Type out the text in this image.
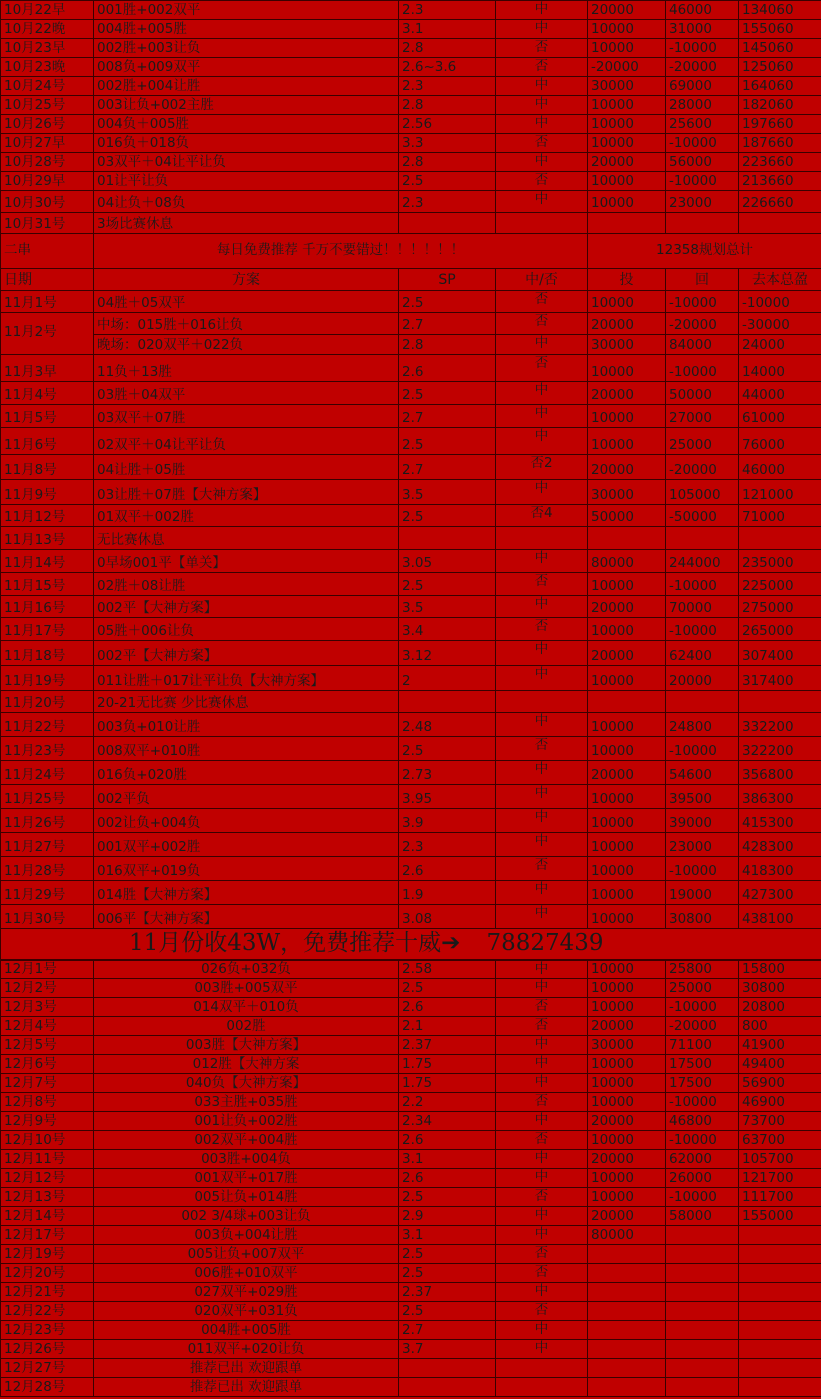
10月22早	001胜+002双平	2.3	中	20000	46000	134060
10月22晚	004胜+005胜	3.1	中	10000	31000	155060
10月23早	002胜+003让负	2.8	否	10000	-10000	145060
10月23晚	008负+009双平	2.6~3.6	否	-20000	-20000	125060
10月24号	002胜+004让胜	2.3	中	30000	69000	164060
10月25号	003让负+002主胜	2.8	中	10000	28000	182060
10月26号	004负＋005胜	2.56	中	10000	25600	197660
10月27早	016负＋018负	3.3	否	10000	-10000	187660
10月28号	03双平＋04让平让负	2.8	中	20000	56000	223660
10月29早	01让平让负	2.5	否	10000	-10000	213660
10月30号	04让负＋08负	2.3	中	10000	23000	226660
10月31号	3场比赛休息					
二串	每日免费推荐 千万不要错过！！！！！！			12358规划总计		
日期	方案	SP	中/否	投	回	去本总盈
11月1号	04胜＋05双平	2.5	否	10000	-10000	-10000
11月2号	中场：015胜＋016让负	2.7	否	20000	-20000	-30000
	晚场：020双平＋022负	2.8	中	30000	84000	24000
11月3早	11负＋13胜	2.6	否	10000	-10000	14000
11月4号	03胜＋04双平	2.5	中	20000	50000	44000
11月5号	03双平＋07胜	2.7	中	10000	27000	61000
11月6号	02双平＋04让平让负	2.5	中	10000	25000	76000
11月8号	04让胜＋05胜	2.7	否2	20000	-20000	46000
11月9号	03让胜＋07胜【大神方案】	3.5	中	30000	105000	121000
11月12号	01双平＋002胜	2.5	否4	50000	-50000	71000
11月13号	无比赛休息					
11月14号	0早场001平【单关】	3.05	中	80000	244000	235000
11月15号	02胜＋08让胜	2.5	否	10000	-10000	225000
11月16号	002平【大神方案】	3.5	中	20000	70000	275000
11月17号	05胜＋006让负	3.4	否	10000	-10000	265000
11月18号	002平【大神方案】	3.12	中	20000	62400	307400
11月19号	011让胜＋017让平让负【大神方案】	2	中	10000	20000	317400
11月20号	20-21无比赛 少比赛休息					
11月22号	003负+010让胜	2.48	中	10000	24800	332200
11月23号	008双平+010胜	2.5	否	10000	-10000	322200
11月24号	016负+020胜	2.73	中	20000	54600	356800
11月25号	002平负	3.95	中	10000	39500	386300
11月26号	002让负+004负	3.9	中	10000	39000	415300
11月27号	001双平+002胜	2.3	中	10000	23000	428300
11月28号	016双平+019负	2.6	否	10000	-10000	418300
11月29号	014胜【大神方案】	1.9	中	10000	19000	427300
11月30号	006平【大神方案】	3.08	中	10000	30800	438100
11月份收43W，免费推荐十威➔ 78827439						
12月1号	026负+032负	2.58	中	10000	25800	15800
12月2号	003胜+005双平	2.5	中	10000	25000	30800
12月3号	014双平＋010负	2.6	否	10000	-10000	20800
12月4号	002胜	2.1	否	20000	-20000	800
12月5号	003胜【大神方案】	2.37	中	30000	71100	41900
12月6号	012胜【大神方案	1.75	中	10000	17500	49400
12月7号	040负【大神方案】	1.75	中	10000	17500	56900
12月8号	033主胜+035胜	2.2	否	10000	-10000	46900
12月9号	001让负+002胜	2.34	中	20000	46800	73700
12月10号	002双平+004胜	2.6	否	10000	-10000	63700
12月11号	003胜+004负	3.1	中	20000	62000	105700
12月12号	001双平+017胜	2.6	中	10000	26000	121700
12月13号	005让负+014胜	2.5	否	10000	-10000	111700
12月14号	002 3/4球+003让负	2.9	中	20000	58000	155000
12月17号	003负+004让胜	3.1	中	80000		
12月19号	005让负+007双平	2.5	否			
12月20号	006胜+010双平	2.5	否			
12月21号	027双平+029胜	2.37	中			
12月22号	020双平+031负	2.5	否			
12月23号	004胜+005胜	2.7	中			
12月26号	011双平+020让负	3.7	中			
12月27号	推荐已出 欢迎跟单					
12月28号	推荐已出 欢迎跟单					
